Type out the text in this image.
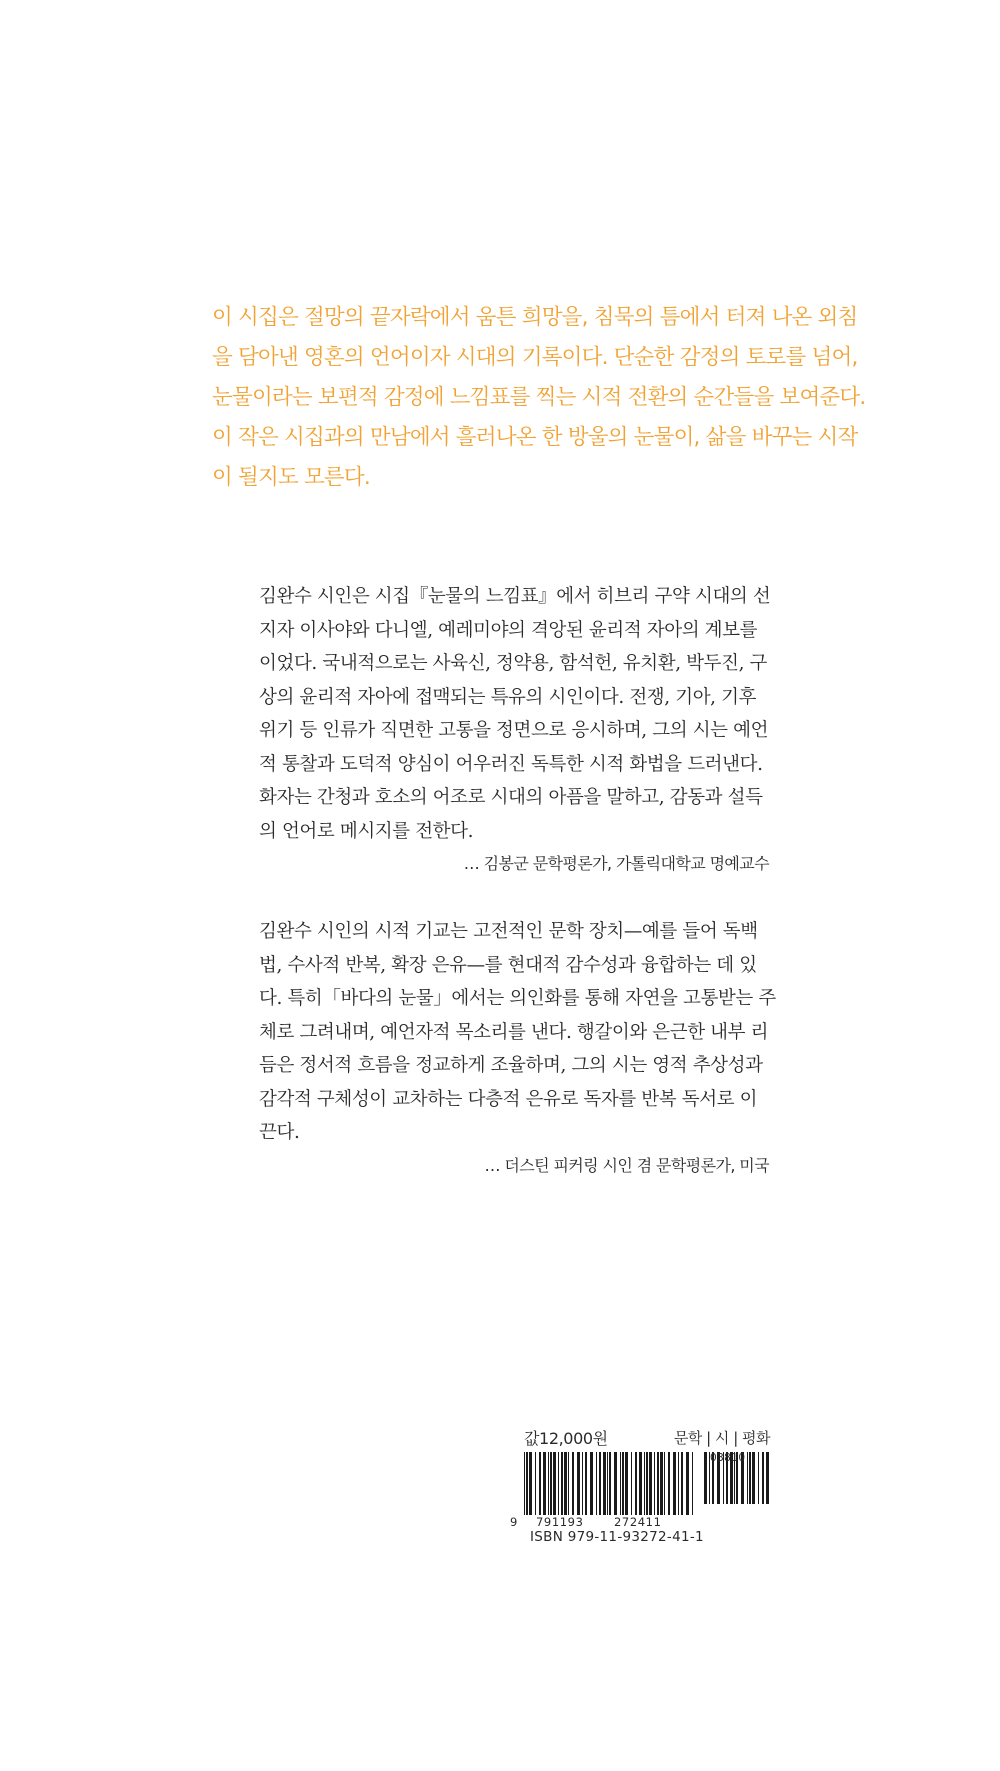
이 시집은 절망의 끝자락에서 움튼 희망을, 침묵의 틈에서 터져 나온 외침
을 담아낸 영혼의 언어이자 시대의 기록이다. 단순한 감정의 토로를 넘어,
눈물이라는 보편적 감정에 느낌표를 찍는 시적 전환의 순간들을 보여준다.
이 작은 시집과의 만남에서 흘러나온 한 방울의 눈물이, 삶을 바꾸는 시작
이 될지도 모른다.
김완수 시인은 시집『눈물의 느낌표』에서 히브리 구약 시대의 선
지자 이사야와 다니엘, 예레미야의 격앙된 윤리적 자아의 계보를
이었다. 국내적으로는 사육신, 정약용, 함석헌, 유치환, 박두진, 구
상의 윤리적 자아에 접맥되는 특유의 시인이다. 전쟁, 기아, 기후
위기 등 인류가 직면한 고통을 정면으로 응시하며, 그의 시는 예언
적 통찰과 도덕적 양심이 어우러진 독특한 시적 화법을 드러낸다.
화자는 간청과 호소의 어조로 시대의 아픔을 말하고, 감동과 설득
의 언어로 메시지를 전한다.
… 김봉군 문학평론가, 가톨릭대학교 명예교수
김완수 시인의 시적 기교는 고전적인 문학 장치—예를 들어 독백
법, 수사적 반복, 확장 은유—를 현대적 감수성과 융합하는 데 있
다. 특히「바다의 눈물」에서는 의인화를 통해 자연을 고통받는 주
체로 그려내며, 예언자적 목소리를 낸다. 행갈이와 은근한 내부 리
듬은 정서적 흐름을 정교하게 조율하며, 그의 시는 영적 추상성과
감각적 구체성이 교차하는 다층적 은유로 독자를 반복 독서로 이
끈다.
… 더스틴 피커링 시인 겸 문학평론가, 미국
값12,000원	문학 | 시 | 평화
03810
9 791193	272411
ISBN 979-11-93272-41-1
